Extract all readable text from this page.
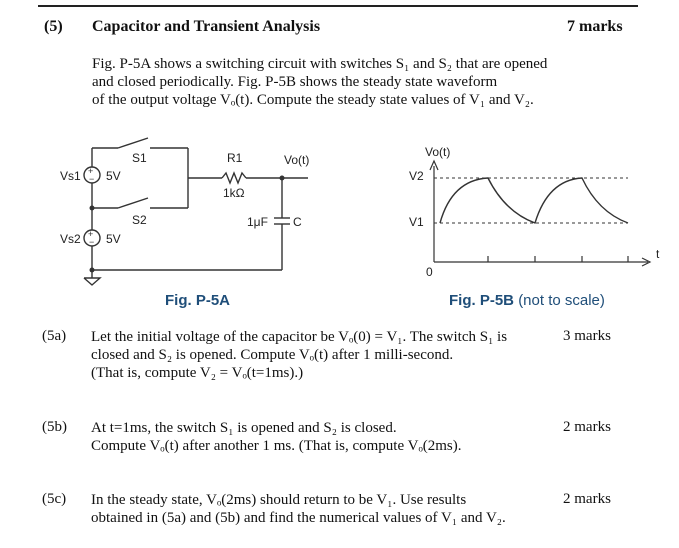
(5) Capacitor and Transient Analysis	7 marks
Fig. P-5A shows a switching circuit with switches S₁ and S₂ that are opened
and closed periodically. Fig. P-5B shows the steady state waveform
of the output voltage Vₒ(t). Compute the steady state values of V₁ and V₂.
+
−
+
−
Vs1 5V
Vs2 5V
S1
S2
R1
1kΩ
Vo(t)
1μF C
Vo(t)
V2
V1
0
t
Fig. P-5A	Fig. P-5B (not to scale)
(5a) Let the initial voltage of the capacitor be Vₒ(0) = V₁. The switch S₁ is
closed and S₂ is opened. Compute Vₒ(t) after 1 milli-second.
(That is, compute V₂ = Vₒ(t=1ms).)
3 marks
(5b) At t=1ms, the switch S₁ is opened and S₂ is closed.
Compute Vₒ(t) after another 1 ms. (That is, compute Vₒ(2ms).
2 marks
(5c) In the steady state, Vₒ(2ms) should return to be V₁. Use results
obtained in (5a) and (5b) and find the numerical values of V₁ and V₂.
2 marks
